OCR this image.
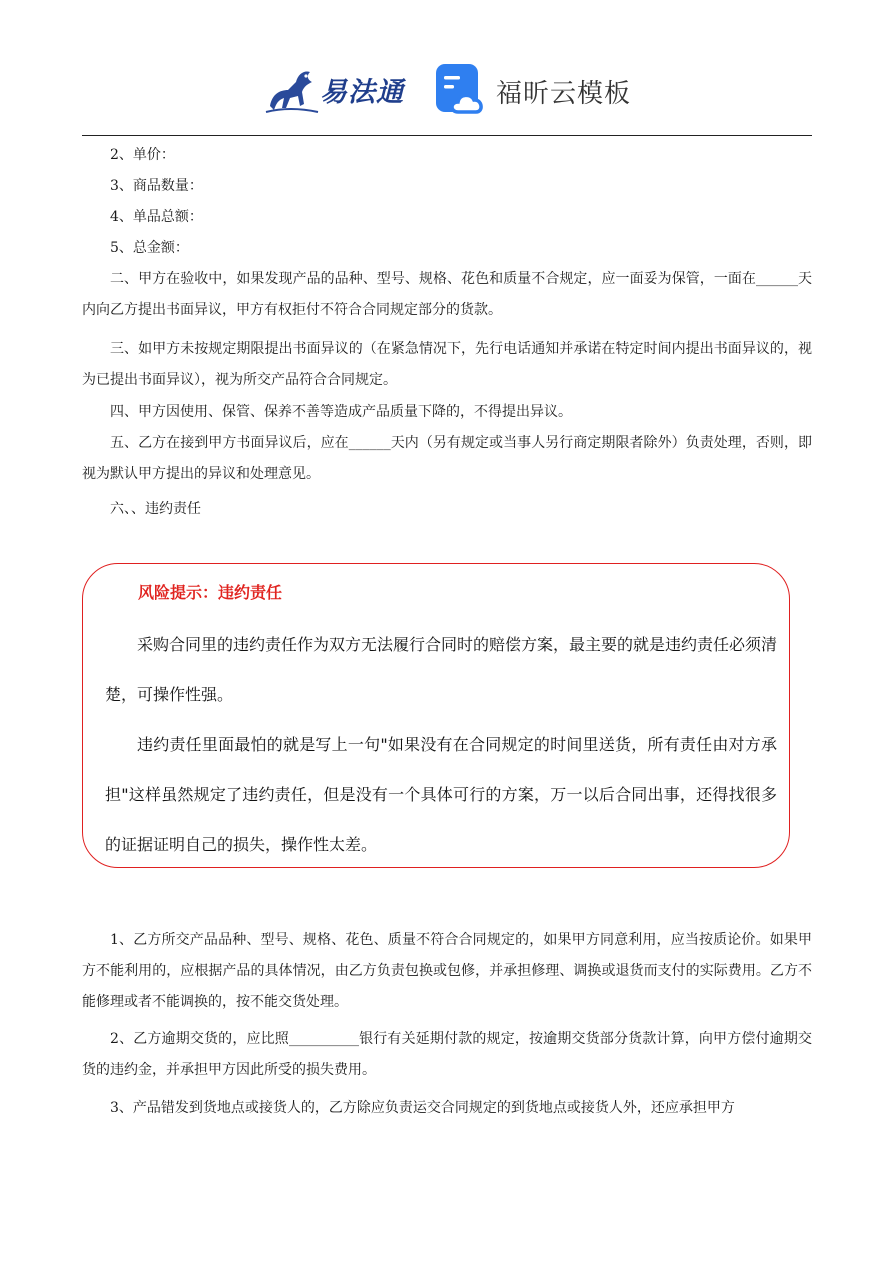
易法通	福昕云模板
2、单价：
3、商品数量：
4、单品总额：
5、总金额：
二、甲方在验收中，如果发现产品的品种、型号、规格、花色和质量不合规定，应一面妥为保管，一面在______天内向乙方提出书面异议，甲方有权拒付不符合合同规定部分的货款。
三、如甲方未按规定期限提出书面异议的（在紧急情况下，先行电话通知并承诺在特定时间内提出书面异议的，视为已提出书面异议），视为所交产品符合合同规定。
四、甲方因使用、保管、保养不善等造成产品质量下降的，不得提出异议。
五、乙方在接到甲方书面异议后，应在______天内（另有规定或当事人另行商定期限者除外）负责处理，否则，即视为默认甲方提出的异议和处理意见。
六、、违约责任
风险提示：违约责任

采购合同里的违约责任作为双方无法履行合同时的赔偿方案，最主要的就是违约责任必须清楚，可操作性强。

违约责任里面最怕的就是写上一句"如果没有在合同规定的时间里送货，所有责任由对方承担"这样虽然规定了违约责任，但是没有一个具体可行的方案，万一以后合同出事，还得找很多的证据证明自己的损失，操作性太差。

1、乙方所交产品品种、型号、规格、花色、质量不符合合同规定的，如果甲方同意利用，应当按质论价。如果甲方不能利用的，应根据产品的具体情况，由乙方负责包换或包修，并承担修理、调换或退货而支付的实际费用。乙方不能修理或者不能调换的，按不能交货处理。
2、乙方逾期交货的，应比照__________银行有关延期付款的规定，按逾期交货部分货款计算，向甲方偿付逾期交货的违约金，并承担甲方因此所受的损失费用。
3、产品错发到货地点或接货人的，乙方除应负责运交合同规定的到货地点或接货人外，还应承担甲方
